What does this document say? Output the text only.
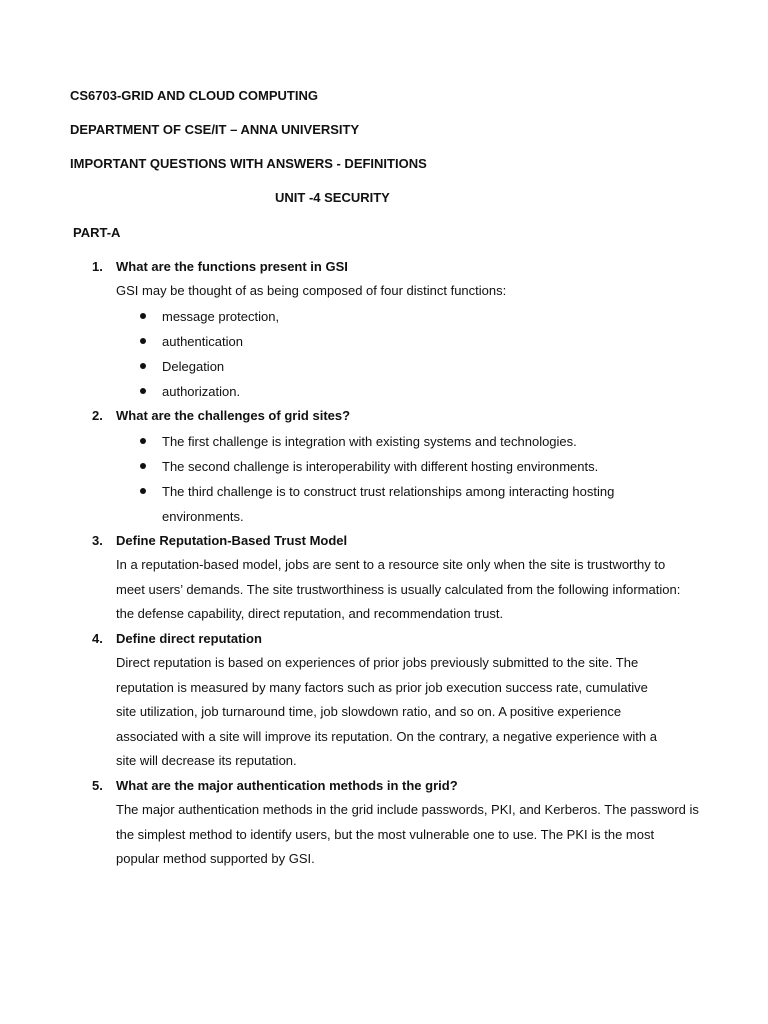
CS6703-GRID AND CLOUD COMPUTING
DEPARTMENT OF CSE/IT – ANNA UNIVERSITY
IMPORTANT QUESTIONS WITH ANSWERS - DEFINITIONS
UNIT -4 SECURITY
PART-A
1. What are the functions present in GSI
GSI may be thought of as being composed of four distinct functions:
message protection,
authentication
Delegation
authorization.
2. What are the challenges of grid sites?
The first challenge is integration with existing systems and technologies.
The second challenge is interoperability with different hosting environments.
The third challenge is to construct trust relationships among interacting hosting environments.
3. Define Reputation-Based Trust Model
In a reputation-based model, jobs are sent to a resource site only when the site is trustworthy to meet users’ demands. The site trustworthiness is usually calculated from the following information: the defense capability, direct reputation, and recommendation trust.
4. Define direct reputation
Direct reputation is based on experiences of prior jobs previously submitted to the site. The reputation is measured by many factors such as prior job execution success rate, cumulative site utilization, job turnaround time, job slowdown ratio, and so on. A positive experience associated with a site will improve its reputation. On the contrary, a negative experience with a site will decrease its reputation.
5. What are the major authentication methods in the grid?
The major authentication methods in the grid include passwords, PKI, and Kerberos. The password is the simplest method to identify users, but the most vulnerable one to use. The PKI is the most popular method supported by GSI.
